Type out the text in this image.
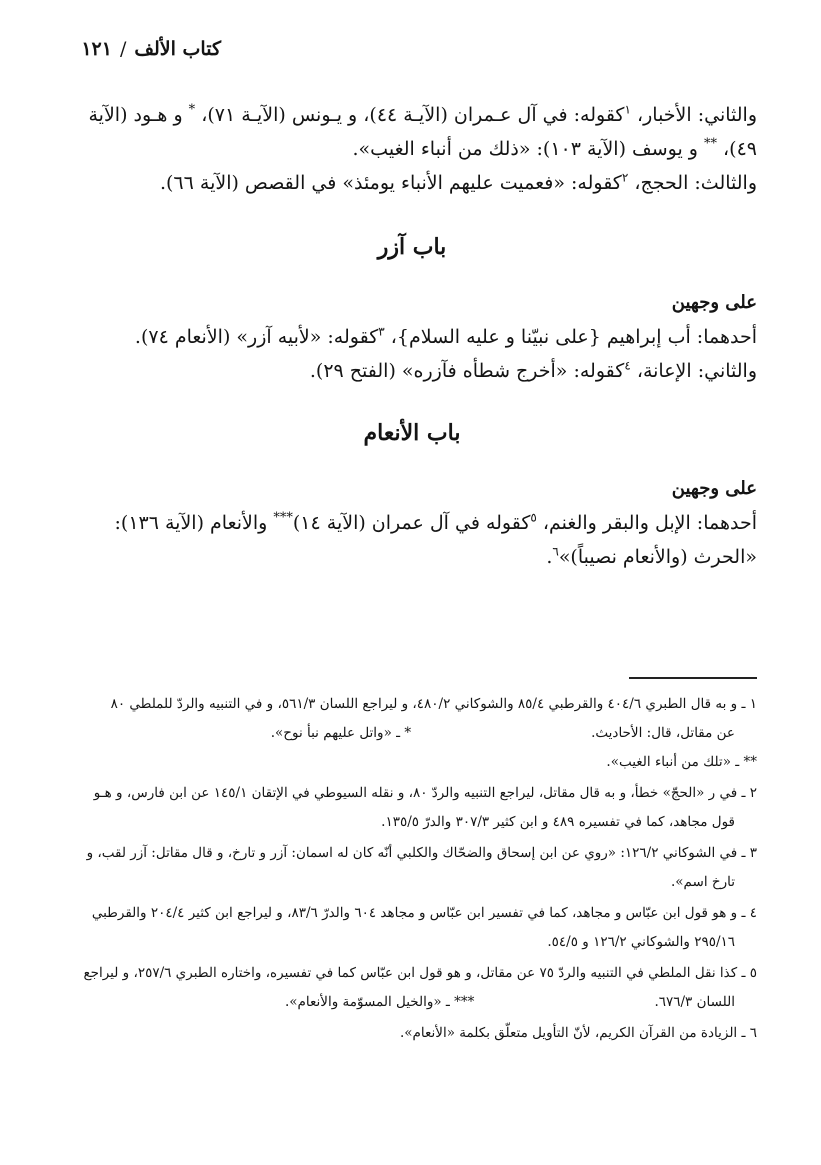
كتاب الألف/١٢١

والثاني: الأخبار، $^١$كقوله: في آل عـمران (الآيـة ٤٤)، و يـونس (الآيـة ٧١)، * و هـود (الآية ٤٩)، ** و يوسف (الآية ١٠٣): «ذلك من أنباء الغيب».

والثالث: الحجج، $^٢$كقوله: «فعميت عليهم الأنباء يومئذ» في القصص (الآية ٦٦).

باب آزر

على وجهين

أحدهما: أب إبراهيم {على نبيّنا و عليه السلام}، $^٣$كقوله: «لأبيه آزر» (الأنعام ٧٤).

والثاني: الإعانة، $^٤$كقوله: «أخرج شطأه فآزره» (الفتح ٢٩).

باب الأنعام

على وجهين

أحدهما: الإبل والبقر والغنم، $^٥$كقوله في آل عمران (الآية ١٤)*** والأنعام (الآية ١٣٦):

«الحرث (والأنعام نصيباً)»$^٦$.

١ ـ و به قال الطبري ٤٠٤/٦ والقرطبي ٨٥/٤ والشوكاني ٤٨٠/٢، و ليراجع اللسان ٥٦١/٣، و في التنبيه والردّ للملطي ٨٠
عن مقاتل، قال: الأحاديث.* ـ «واتل عليهم نبأ نوح».
** ـ «تلك من أنباء الغيب».

٢ ـ في ر «الحجّ» خطأ، و به قال مقاتل، ليراجع التنبيه والردّ ٨٠، و نقله السيوطي في الإتقان ١٤٥/١ عن ابن فارس، و هـو
قول مجاهد، كما في تفسيره ٤٨٩ و ابن كثير ٣٠٧/٣ والدرّ ١٣٥/٥.

٣ ـ في الشوكاني ١٢٦/٢: «روي عن ابن إسحاق والضحّاك والكلبي أنّه كان له اسمان: آزر و تارخ، و قال مقاتل: آزر لقب، و
تارخ اسم».

٤ ـ و هو قول ابن عبّاس و مجاهد، كما في تفسير ابن عبّاس و مجاهد ٦٠٤ والدرّ ٨٣/٦، و ليراجع ابن كثير ٢٠٤/٤ والقرطبي
٢٩٥/١٦ والشوكاني ١٢٦/٢ و ٥٤/٥.

٥ ـ كذا نقل الملطي في التنبيه والردّ ٧٥ عن مقاتل، و هو قول ابن عبّاس كما في تفسيره، واختاره الطبري ٢٥٧/٦، و ليراجع
اللسان ٦٧٦/٣.*** ـ «والخيل المسوّمة والأنعام».

٦ ـ الزيادة من القرآن الكريم، لأنّ التأويل متعلّق بكلمة «الأنعام».
